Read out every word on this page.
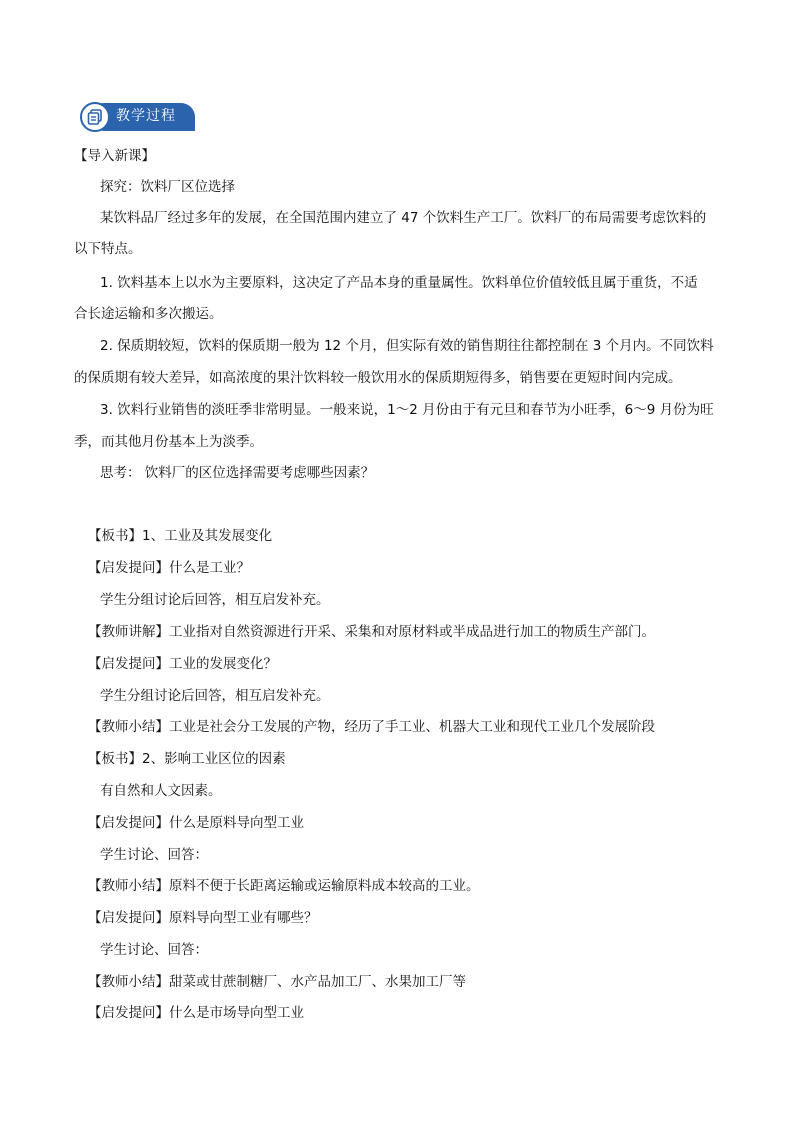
教学过程
【导入新课】
探究：饮料厂区位选择
某饮料品厂经过多年的发展，在全国范围内建立了 47 个饮料生产工厂。饮料厂的布局需要考虑饮料的
以下特点。
1. 饮料基本上以水为主要原料，这决定了产品本身的重量属性。饮料单位价值较低且属于重货，不适
合长途运输和多次搬运。
2. 保质期较短，饮料的保质期一般为 12 个月，但实际有效的销售期往往都控制在 3 个月内。不同饮料
的保质期有较大差异，如高浓度的果汁饮料较一般饮用水的保质期短得多，销售要在更短时间内完成。
3. 饮料行业销售的淡旺季非常明显。一般来说，1～2 月份由于有元旦和春节为小旺季，6～9 月份为旺
季，而其他月份基本上为淡季。
思考： 饮料厂的区位选择需要考虑哪些因素？
【板书】1、工业及其发展变化
【启发提问】什么是工业？
学生分组讨论后回答，相互启发补充。
【教师讲解】工业指对自然资源进行开采、采集和对原材料或半成品进行加工的物质生产部门。
【启发提问】工业的发展变化？
学生分组讨论后回答，相互启发补充。
【教师小结】工业是社会分工发展的产物，经历了手工业、机器大工业和现代工业几个发展阶段
【板书】2、影响工业区位的因素
有自然和人文因素。
【启发提问】什么是原料导向型工业
学生讨论、回答：
【教师小结】原料不便于长距离运输或运输原料成本较高的工业。
【启发提问】原料导向型工业有哪些？
学生讨论、回答：
【教师小结】甜菜或甘蔗制糖厂、水产品加工厂、水果加工厂等
【启发提问】什么是市场导向型工业
